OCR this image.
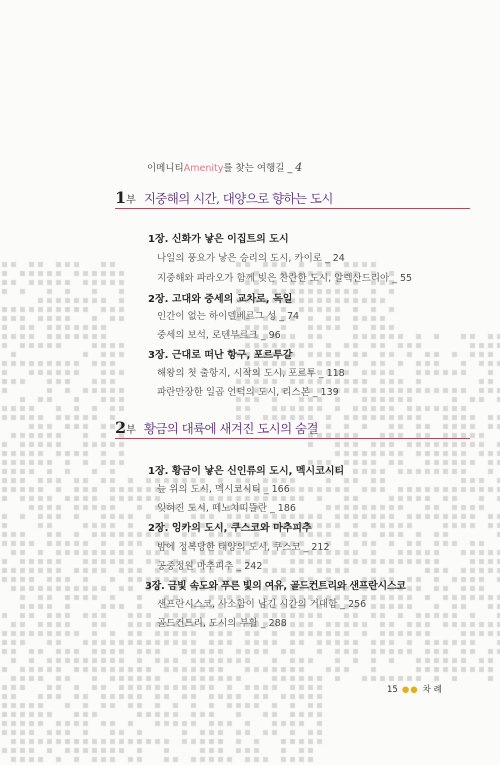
이메니티Amenity를 찾는 여행길 _ 4
1부 지중해의 시간, 대양으로 향하는 도시
1장. 신화가 낳은 이집트의 도시
나일의 풍요가 낳은 승리의 도시, 카이로 _ 24
지중해와 파라오가 함께 빚은 찬란한 도시, 알렉산드리아 _ 55
2장. 고대와 중세의 교차로, 독일
인간이 없는 하이델베르그 성 _ 74
중세의 보석, 로텐부르크 _ 96
3장. 근대로 떠난 항구, 포르투갈
해왕의 첫 출항지, 시작의 도시, 포르투 _ 118
파란만장한 일곱 언덕의 도시, 리스본 _ 139
2부 황금의 대륙에 새겨진 도시의 숨결
1장. 황금이 낳은 신인류의 도시, 멕시코시티
늪 위의 도시, 멕시코시티 _ 166
잊혀진 도시, 떼노치띠뜰란 _ 186
2장. 잉카의 도시, 쿠스코와 마추피추
밤에 정복당한 태양의 도시, 쿠스코 _ 212
공중정원 마추피추 _ 242
3장. 금빛 속도와 푸른 빛의 여유, 골드컨트리와 샌프란시스코
샌프란시스코, 사소함이 남긴 시간의 거대함 _ 256
골드컨트리, 도시의 부활 _ 288
15 ●● 차 례
